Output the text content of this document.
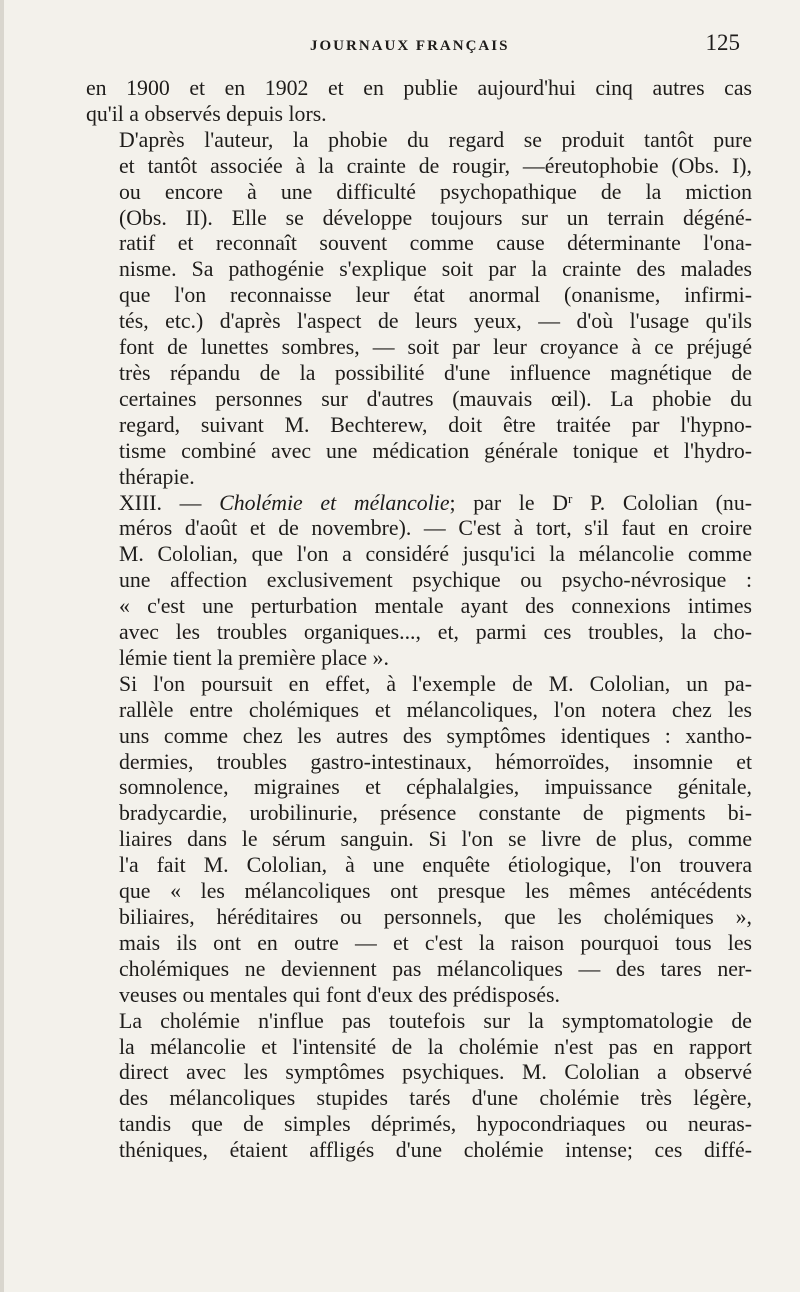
JOURNAUX FRANÇAIS	125

en 1900 et en 1902 et en publie aujourd'hui cinq autres cas
qu'il a observés depuis lors.

D'après l'auteur, la phobie du regard se produit tantôt pure
et tantôt associée à la crainte de rougir, —éreutophobie (Obs. I),
ou encore à une difficulté psychopathique de la miction
(Obs. II). Elle se développe toujours sur un terrain dégéné-
ratif et reconnaît souvent comme cause déterminante l'ona-
nisme. Sa pathogénie s'explique soit par la crainte des malades
que l'on reconnaisse leur état anormal (onanisme, infirmi-
tés, etc.) d'après l'aspect de leurs yeux, — d'où l'usage qu'ils
font de lunettes sombres, — soit par leur croyance à ce préjugé
très répandu de la possibilité d'une influence magnétique de
certaines personnes sur d'autres (mauvais œil). La phobie du
regard, suivant M. Bechterew, doit être traitée par l'hypno-
tisme combiné avec une médication générale tonique et l'hydro-
thérapie.

XIII. — Cholémie et mélancolie; par le $D^r$ P. Cololian (nu-
méros d'août et de novembre). — C'est à tort, s'il faut en croire
M. Cololian, que l'on a considéré jusqu'ici la mélancolie comme
une affection exclusivement psychique ou psycho-névrosique :
« c'est une perturbation mentale ayant des connexions intimes
avec les troubles organiques..., et, parmi ces troubles, la cho-
lémie tient la première place ».

Si l'on poursuit en effet, à l'exemple de M. Cololian, un pa-
rallèle entre cholémiques et mélancoliques, l'on notera chez les
uns comme chez les autres des symptômes identiques : xantho-
dermies, troubles gastro-intestinaux, hémorroïdes, insomnie et
somnolence, migraines et céphalalgies, impuissance génitale,
bradycardie, urobilinurie, présence constante de pigments bi-
liaires dans le sérum sanguin. Si l'on se livre de plus, comme
l'a fait M. Cololian, à une enquête étiologique, l'on trouvera
que « les mélancoliques ont presque les mêmes antécédents
biliaires, héréditaires ou personnels, que les cholémiques »,
mais ils ont en outre — et c'est la raison pourquoi tous les
cholémiques ne deviennent pas mélancoliques — des tares ner-
veuses ou mentales qui font d'eux des prédisposés.

La cholémie n'influe pas toutefois sur la symptomatologie de
la mélancolie et l'intensité de la cholémie n'est pas en rapport
direct avec les symptômes psychiques. M. Cololian a observé
des mélancoliques stupides tarés d'une cholémie très légère,
tandis que de simples déprimés, hypocondriaques ou neuras-
théniques, étaient affligés d'une cholémie intense; ces diffé-
